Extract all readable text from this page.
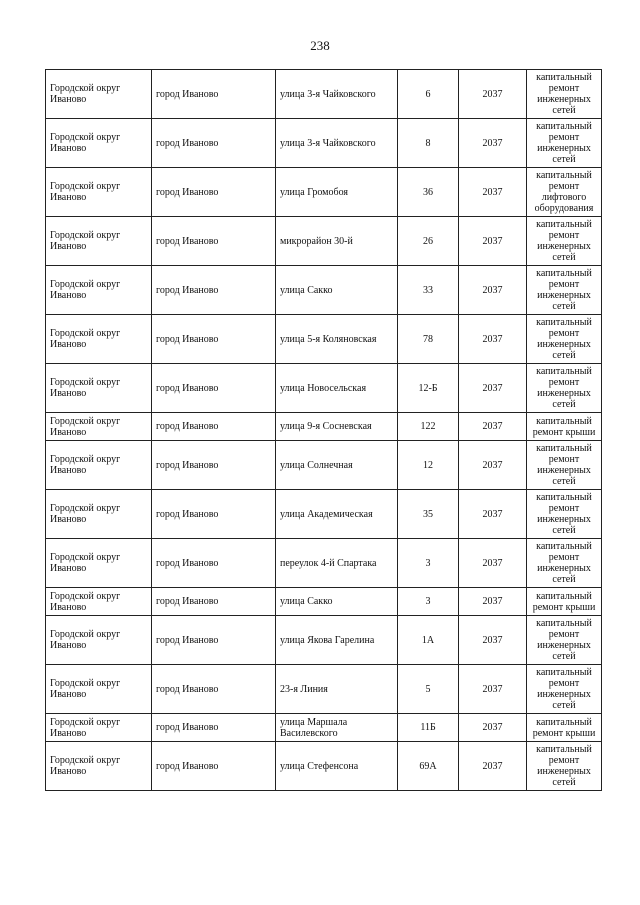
238
Городской округ Иваново	город Иваново	улица 3-я Чайковского	6	2037	капитальный ремонт инженерных сетей
Городской округ Иваново	город Иваново	улица 3-я Чайковского	8	2037	капитальный ремонт инженерных сетей
Городской округ Иваново	город Иваново	улица Громобоя	36	2037	капитальный ремонт лифтового оборудования
Городской округ Иваново	город Иваново	микрорайон 30-й	26	2037	капитальный ремонт инженерных сетей
Городской округ Иваново	город Иваново	улица Сакко	33	2037	капитальный ремонт инженерных сетей
Городской округ Иваново	город Иваново	улица 5-я Коляновская	78	2037	капитальный ремонт инженерных сетей
Городской округ Иваново	город Иваново	улица Новосельская	12-Б	2037	капитальный ремонт инженерных сетей
Городской округ Иваново	город Иваново	улица 9-я Сосневская	122	2037	капитальный ремонт крыши
Городской округ Иваново	город Иваново	улица Солнечная	12	2037	капитальный ремонт инженерных сетей
Городской округ Иваново	город Иваново	улица Академическая	35	2037	капитальный ремонт инженерных сетей
Городской округ Иваново	город Иваново	переулок 4-й Спартака	3	2037	капитальный ремонт инженерных сетей
Городской округ Иваново	город Иваново	улица Сакко	3	2037	капитальный ремонт крыши
Городской округ Иваново	город Иваново	улица Якова Гарелина	1А	2037	капитальный ремонт инженерных сетей
Городской округ Иваново	город Иваново	23-я Линия	5	2037	капитальный ремонт инженерных сетей
Городской округ Иваново	город Иваново	улица Маршала Василевского	11Б	2037	капитальный ремонт крыши
Городской округ Иваново	город Иваново	улица Стефенсона	69А	2037	капитальный ремонт инженерных сетей
